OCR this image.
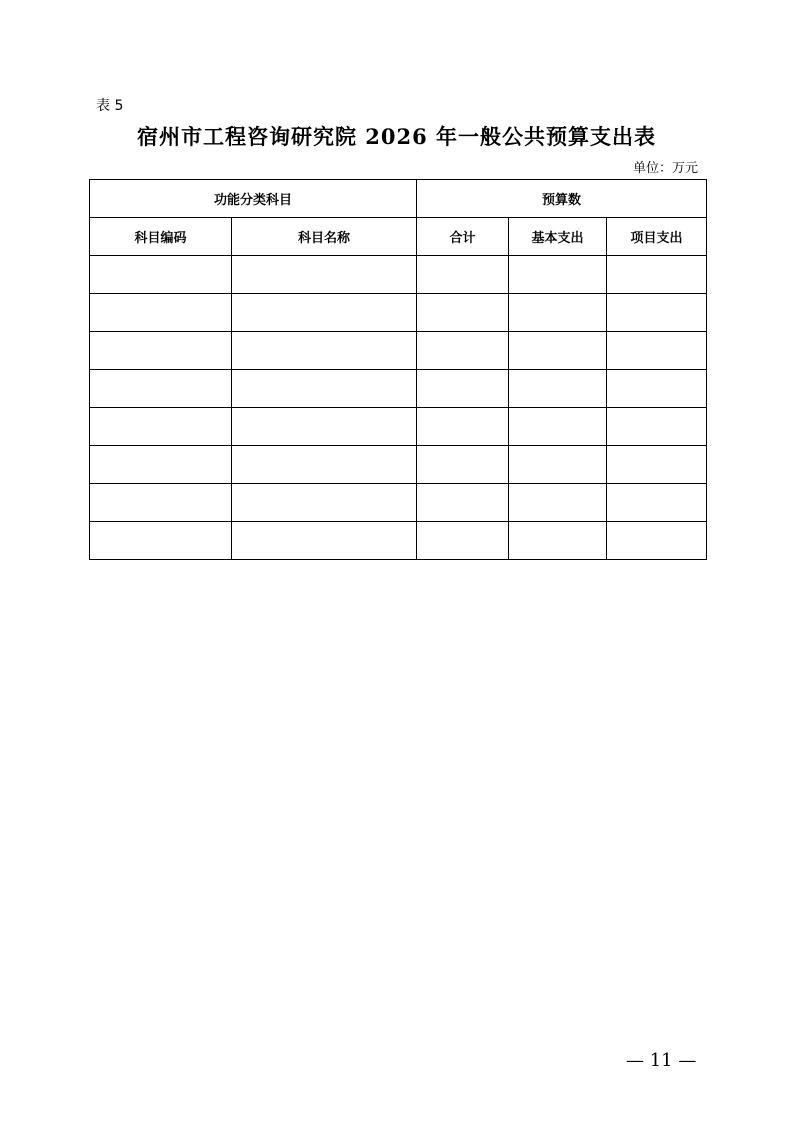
表 5
宿州市工程咨询研究院 2026 年一般公共预算支出表
单位：万元
功能分类科目		预算数		
科目编码	科目名称	合计	基本支出	项目支出

— 11 —
